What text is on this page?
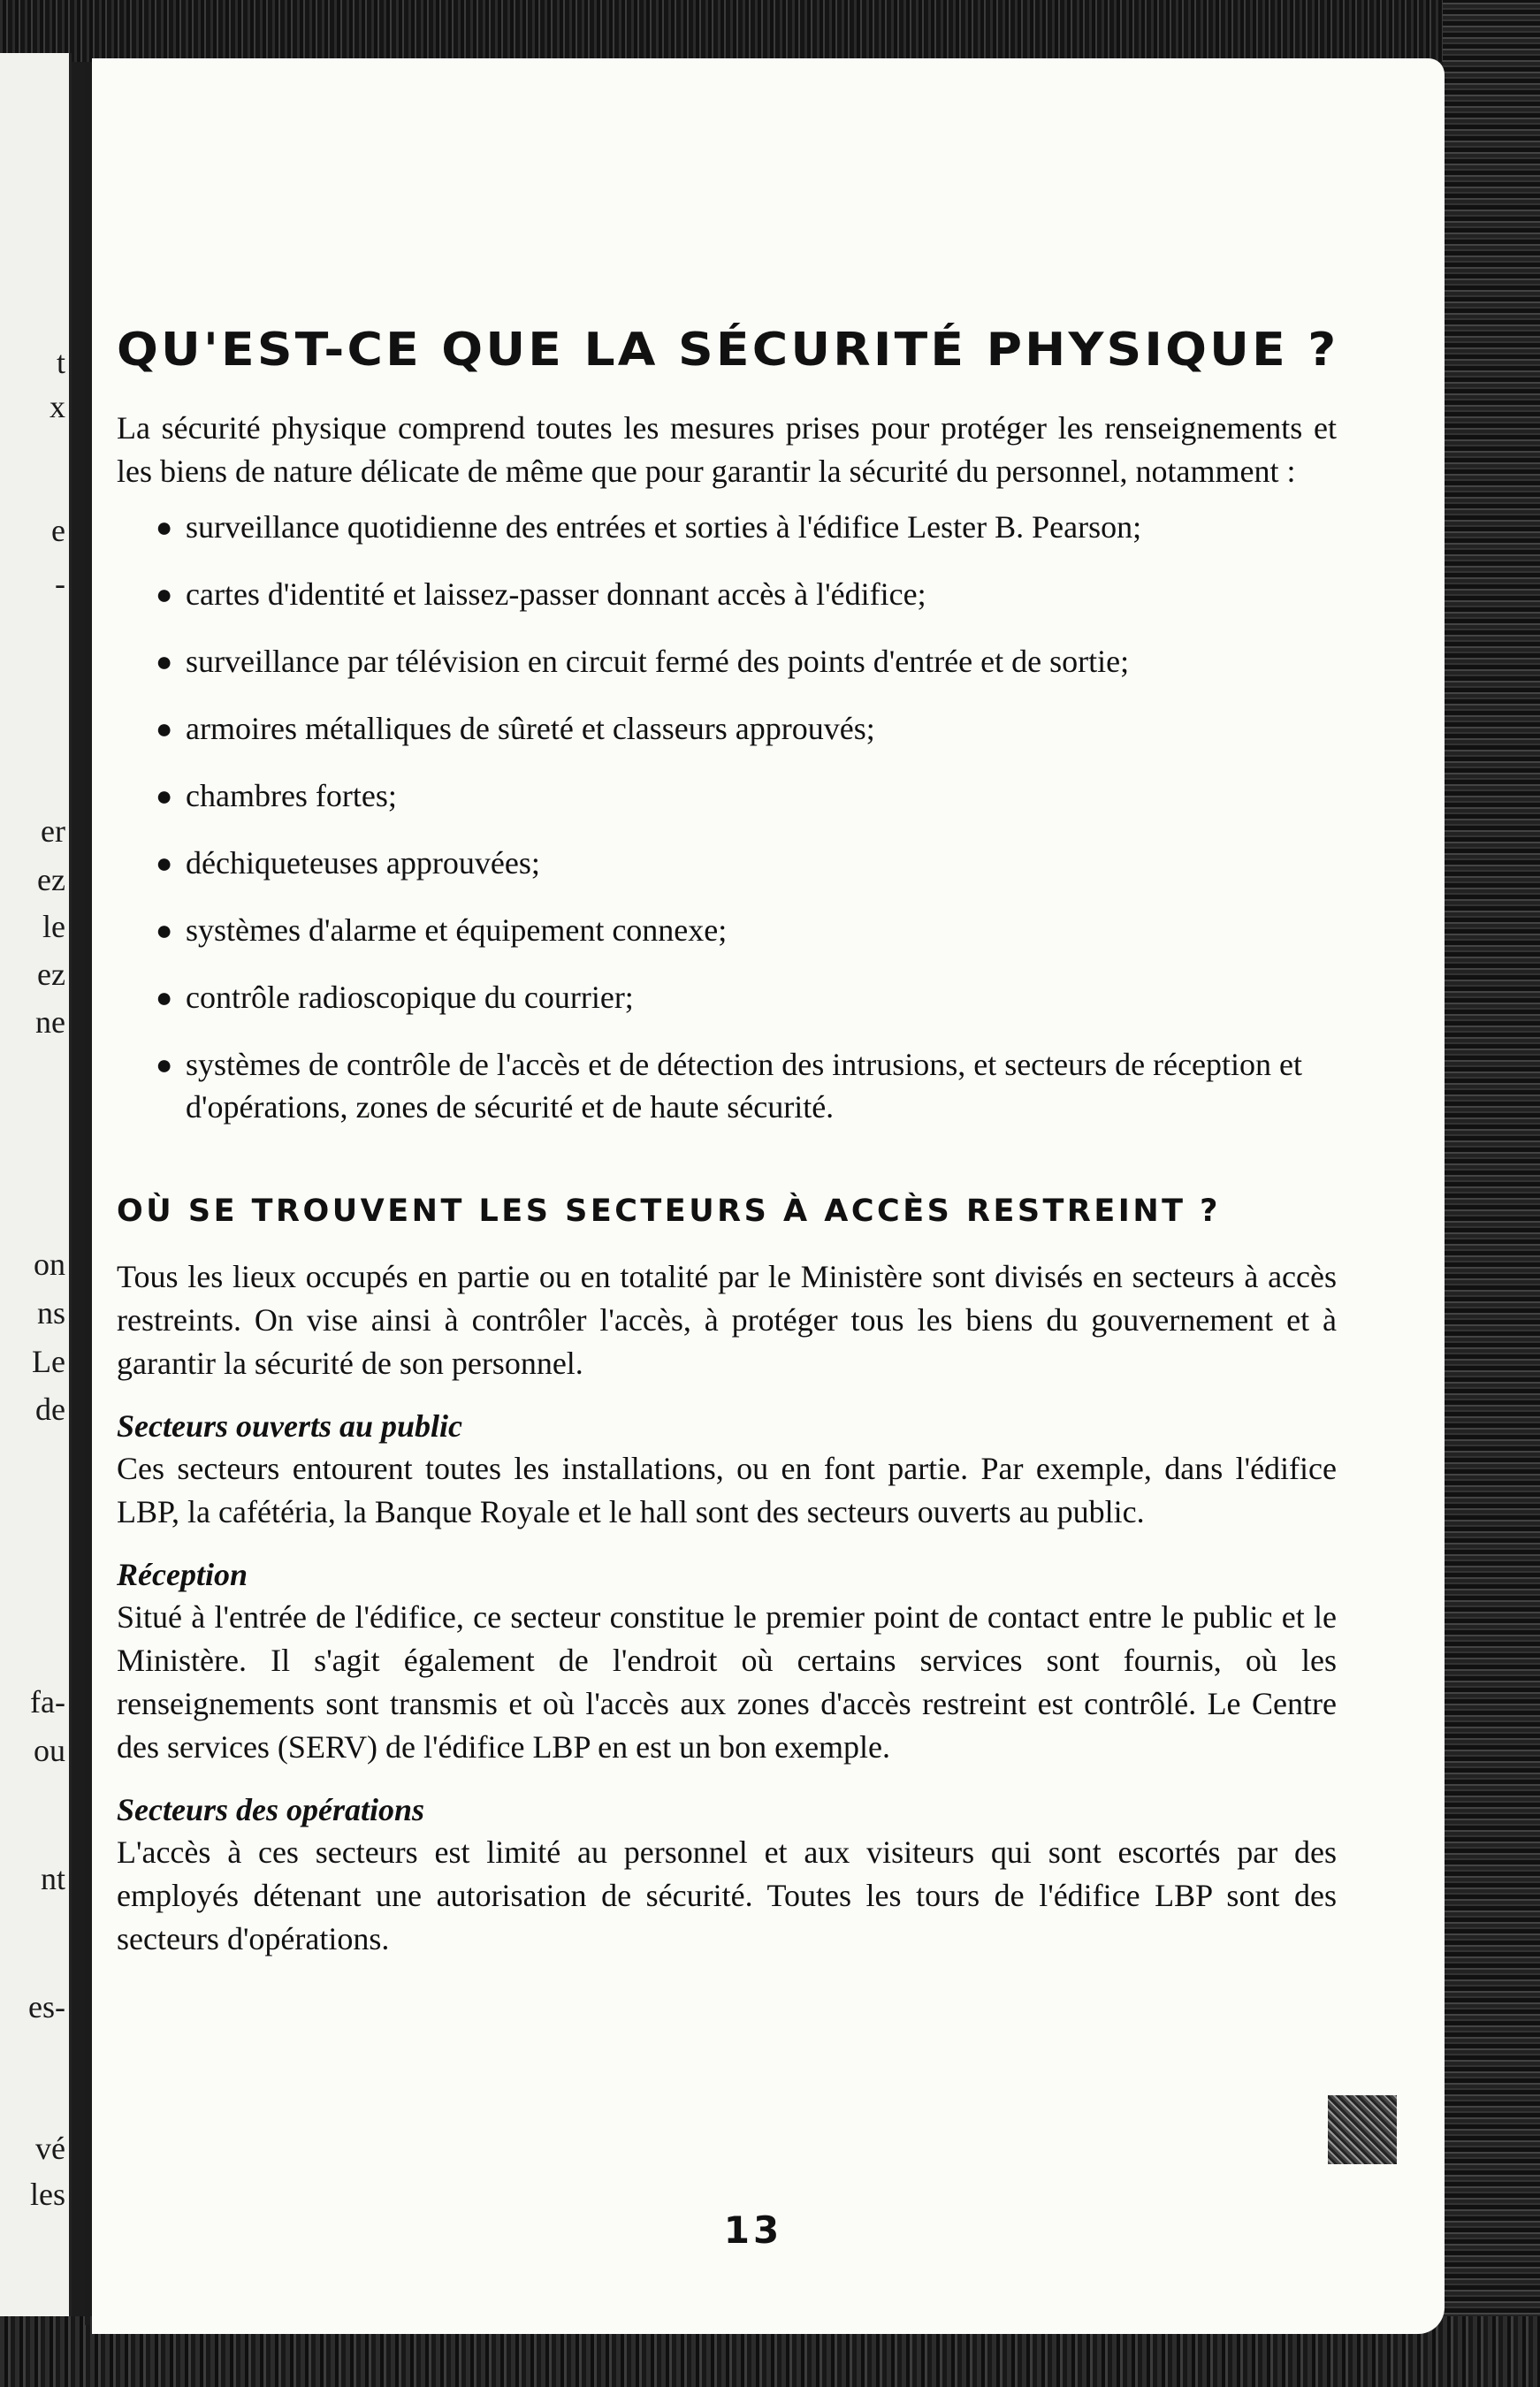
t
x
e
-
er
ez
le
ez
ne
on
ns
Le
de
fa-
ou
nt
es-
vé
les
QU'EST-CE QUE LA SÉCURITÉ PHYSIQUE ?

La sécurité physique comprend toutes les mesures prises pour protéger les renseignements et les biens de nature délicate de même que pour garantir la sécurité du personnel, notamment :

● surveillance quotidienne des entrées et sorties à l'édifice Lester B. Pearson;
● cartes d'identité et laissez-passer donnant accès à l'édifice;
● surveillance par télévision en circuit fermé des points d'entrée et de sortie;
● armoires métalliques de sûreté et classeurs approuvés;
● chambres fortes;
● déchiqueteuses approuvées;
● systèmes d'alarme et équipement connexe;
● contrôle radioscopique du courrier;
● systèmes de contrôle de l'accès et de détection des intrusions, et secteurs de réception et d'opérations, zones de sécurité et de haute sécurité.
OÙ SE TROUVENT LES SECTEURS À ACCÈS RESTREINT ?

Tous les lieux occupés en partie ou en totalité par le Ministère sont divisés en secteurs à accès restreints. On vise ainsi à contrôler l'accès, à protéger tous les biens du gouvernement et à garantir la sécurité de son personnel.

Secteurs ouverts au public

Ces secteurs entourent toutes les installations, ou en font partie. Par exemple, dans l'édifice LBP, la cafétéria, la Banque Royale et le hall sont des secteurs ouverts au public.

Réception

Situé à l'entrée de l'édifice, ce secteur constitue le premier point de contact entre le public et le Ministère. Il s'agit également de l'endroit où certains services sont fournis, où les renseignements sont transmis et où l'accès aux zones d'accès restreint est contrôlé. Le Centre des services (SERV) de l'édifice LBP en est un bon exemple.

Secteurs des opérations

L'accès à ces secteurs est limité au personnel et aux visiteurs qui sont escortés par des employés détenant une autorisation de sécurité. Toutes les tours de l'édifice LBP sont des secteurs d'opérations.

13
